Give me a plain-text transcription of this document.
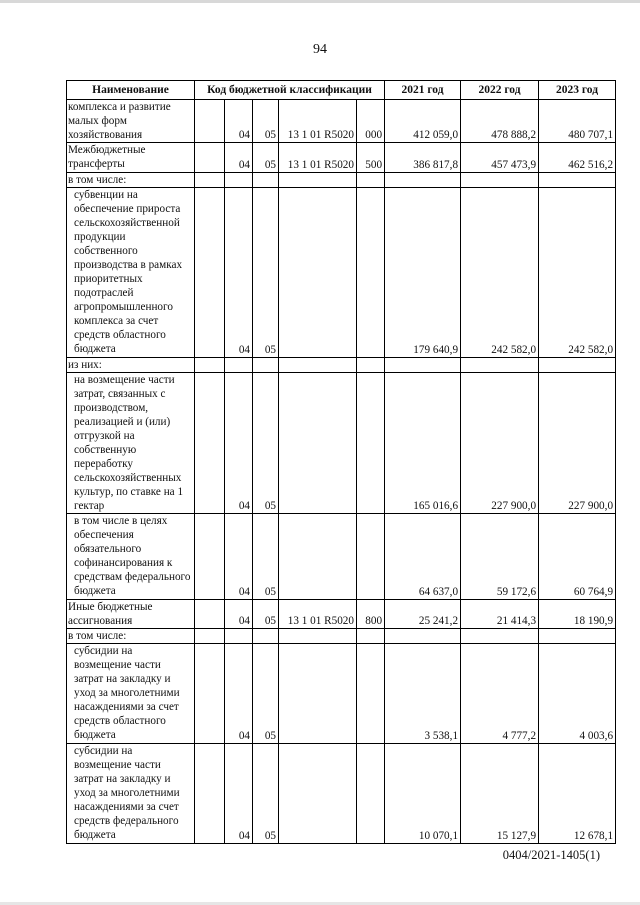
94
Наименование	Код бюджетной классификации					2021 год	2022 год	2023 год
комплекса и развитие малых форм хозяйствования		04	05	13 1 01 R5020	000	412 059,0	478 888,2	480 707,1
Межбюджетные трансферты		04	05	13 1 01 R5020	500	386 817,8	457 473,9	462 516,2
в том числе:								
субвенции на обеспечение прироста сельскохозяйственной продукции собственного производства в рамках приоритетных подотраслей агропромышленного комплекса за счет средств областного бюджета		04	05			179 640,9	242 582,0	242 582,0
из них:								
на возмещение части затрат, связанных с производством, реализацией и (или) отгрузкой на собственную переработку сельскохозяйственных культур, по ставке на 1 гектар		04	05			165 016,6	227 900,0	227 900,0
в том числе в целях обеспечения обязательного софинансирования к средствам федерального бюджета		04	05			64 637,0	59 172,6	60 764,9
Иные бюджетные ассигнования		04	05	13 1 01 R5020	800	25 241,2	21 414,3	18 190,9
в том числе:								
субсидии на возмещение части затрат на закладку и уход за многолетними насаждениями за счет средств областного бюджета		04	05			3 538,1	4 777,2	4 003,6
субсидии на возмещение части затрат на закладку и уход за многолетними насаждениями за счет средств федерального бюджета		04	05			10 070,1	15 127,9	12 678,1
0404/2021-1405(1)
